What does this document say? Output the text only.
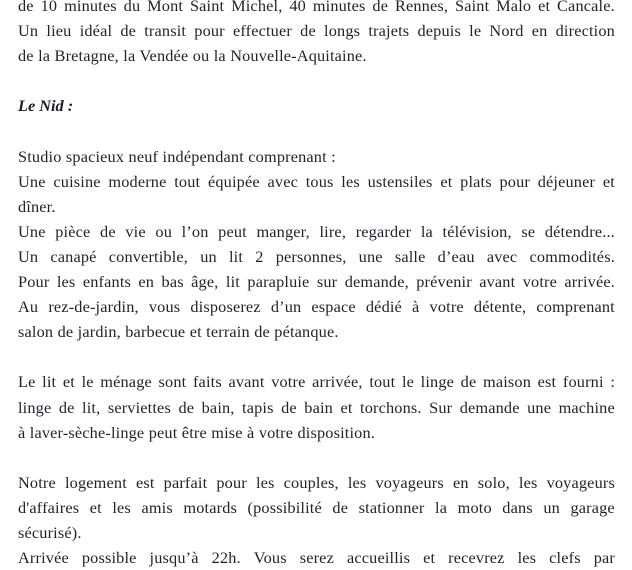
de 10 minutes du Mont Saint Michel, 40 minutes de Rennes, Saint Malo et Cancale.
Un lieu idéal de transit pour effectuer de longs trajets depuis le Nord en direction
de la Bretagne, la Vendée ou la Nouvelle-Aquitaine.
Le Nid :
Studio spacieux neuf indépendant comprenant :
Une cuisine moderne tout équipée avec tous les ustensiles et plats pour déjeuner et
dîner.
Une pièce de vie ou l’on peut manger, lire, regarder la télévision, se détendre...
Un canapé convertible, un lit 2 personnes, une salle d’eau avec commodités.
Pour les enfants en bas âge, lit parapluie sur demande, prévenir avant votre arrivée.
Au rez-de-jardin, vous disposerez d’un espace dédié à votre détente, comprenant
salon de jardin, barbecue et terrain de pétanque.
Le lit et le ménage sont faits avant votre arrivée, tout le linge de maison est fourni :
linge de lit, serviettes de bain, tapis de bain et torchons. Sur demande une machine
à laver-sèche-linge peut être mise à votre disposition.
Notre logement est parfait pour les couples, les voyageurs en solo, les voyageurs
d'affaires et les amis motards (possibilité de stationner la moto dans un garage
sécurisé).
Arrivée possible jusqu’à 22h. Vous serez accueillis et recevrez les clefs par
